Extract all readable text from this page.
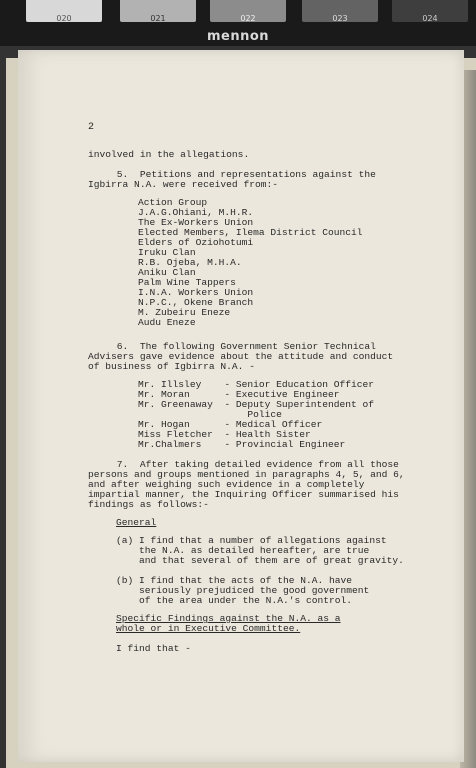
020	021	022	023	024
mennon
2
involved in the allegations.
5.  Petitions and representations against the
Igbirra N.A. were received from:-
Action Group
J.A.G.Ohiani, M.H.R.
The Ex-Workers Union
Elected Members, Ilema District Council
Elders of Oziohotumi
Iruku Clan
R.B. Ojeba, M.H.A.
Aniku Clan
Palm Wine Tappers
I.N.A. Workers Union
N.P.C., Okene Branch
M. Zubeiru Eneze
Audu Eneze
6.  The following Government Senior Technical
Advisers gave evidence about the attitude and conduct
of business of Igbirra N.A. -
Mr. Illsley    - Senior Education Officer
Mr. Moran      - Executive Engineer
Mr. Greenaway  - Deputy Superintendent of
Police
Mr. Hogan      - Medical Officer
Miss Fletcher  - Health Sister
Mr.Chalmers    - Provincial Engineer
7.  After taking detailed evidence from all those
persons and groups mentioned in paragraphs 4, 5, and 6,
and after weighing such evidence in a completely
impartial manner, the Inquiring Officer summarised his
findings as follows:-
General
(a) I find that a number of allegations against
the N.A. as detailed hereafter, are true
and that several of them are of great gravity.
(b) I find that the acts of the N.A. have
seriously prejudiced the good government
of the area under the N.A.'s control.
Specific Findings against the N.A. as a
whole or in Executive Committee.
I find that -
